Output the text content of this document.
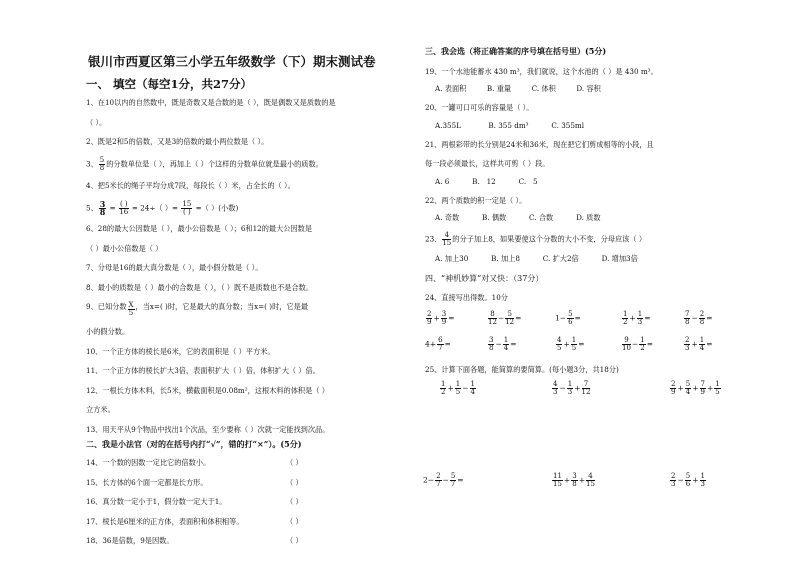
银川市西夏区第三小学五年级数学（下）期末测试卷
一、 填空（每空1分，共27分）
1、在10以内的自然数中，既是奇数又是合数的是（ ），既是偶数又是质数的是
（ ）。
2、既是2和5的倍数，又是3的倍数的最小两位数是（ ）。
3、 $\frac{5}{8}$ 的分数单位是（ ），再加上（ ）个这样的分数单位就是最小的质数。
4、把5米长的绳子平均分成7段，每段长（ ）米，占全长的（ ）。
5、 $\frac{3}{8} = \frac{( )}{16} = 24\div$（ ）= $\frac{15}{( )}$ =（ ）(小数)
6、28的最大公因数是（ ），最小公倍数是（ ）；6和12的最大公因数是
（ ）最小公倍数是（ ）
7、分母是16的最大真分数是（ ），最小假分数是（ ）。
8、最小的质数是（ ）最小的合数是（ ），（ ）既不是质数也不是合数。
9、已知分数 $\frac{X}{5}$ ，当x=( )时，它是最大的真分数；当x=( )时，它是最
小的假分数。
10、一个正方体的棱长是6米，它的表面积是（ ）平方米。
11、一个正方体的棱长扩大3倍，表面积扩大（ ）倍，体积扩大（ ）倍。
12、一根长方体木料，长5米，横截面积是0.08m²，这根木料的体积是（ ）
立方米。
13、用天平从9个物品中找出1个次品，至少要称（ ）次就一定能找到次品。
二、我是小法官（对的在括号内打“√”，错的打“×”）。(5分)
14、一个数的因数一定比它的倍数小。	（ ）
15、长方体的6个面一定都是长方形。	（ ）
16、真分数一定小于1，假分数一定大于1。	（ ）
17、棱长是6厘米的正方体，表面积和体积相等。	（ ）
18、36是倍数，9是因数。	（ ）
三、我会选（将正确答案的序号填在括号里）(5分)
19、一个水池能蓄水 430 m³，我们就说，这个水池的（ ）是 430 m³。
A. 表面积         B. 重量         C. 体积         D. 容积
20、一罐可口可乐的容量是（ ）。
A.355L            B. 355 dm³          C. 355ml
21、两根彩带的长分别是24米和36米，现在把它们剪成相等的小段，且
每一段必须最长，这样共可剪（ ）段。
A. 6          B.   12          C.   5
22、两个质数的积一定是（ ）。
A. 奇数          B. 偶数          C. 合数          D. 质数
23、 $\frac{4}{15}$ 的分子加上8，如果要使这个分数的大小不变，分母应该（ ）
A. 加上30          B. 加上8          C. 扩大2倍          D. 增加3倍
四、“神机妙算”对又快：（37分）
24、直接写出得数。10分
$\frac{2}{9} + \frac{3}{9}$ =	$\frac{8}{12} - \frac{5}{12}$ =	$1- \frac{5}{6}$ =	$\frac{1}{2} + \frac{1}{3}$ =	$\frac{7}{8} - \frac{2}{8}$ =
$4+ \frac{6}{7}$ =	$\frac{3}{8} - \frac{1}{4}$ =	$\frac{4}{5} + \frac{1}{5}$ =	$\frac{9}{10} - \frac{1}{2}$ =	$\frac{2}{3} + \frac{1}{4}$ =
25、计算下面各题，能简算的要简算。(每小题3分，共18分)
$\frac{1}{2} + \frac{1}{5} - \frac{1}{4}$	$\frac{4}{3} - \frac{1}{3} + \frac{7}{12}$	$\frac{2}{9} + \frac{5}{4} + \frac{7}{9} + \frac{1}{5}$
$2- \frac{2}{7} - \frac{5}{7}$ =	$\frac{11}{15} + \frac{3}{8} + \frac{4}{15}$	$\frac{2}{3} - \frac{5}{6} + \frac{1}{3}$
